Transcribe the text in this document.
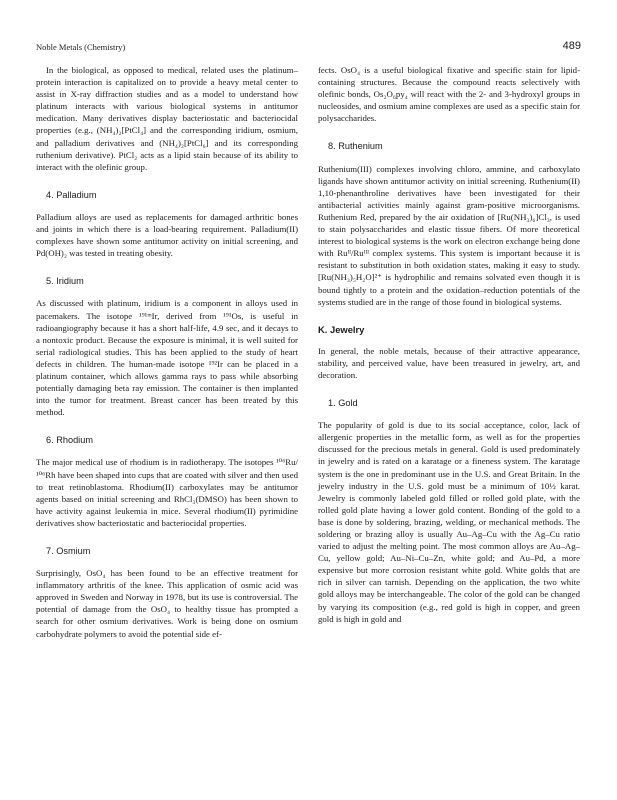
Noble Metals (Chemistry)	489

In the biological, as opposed to medical, related uses the platinum–protein interaction is capitalized on to provide a heavy metal center to assist in X-ray diffraction studies and as a model to understand how platinum interacts with various biological systems in antitumor medication. Many derivatives display bacteriostatic and bacteriocidal properties (e.g., (NH₄)₂[PtCl₄] and the corresponding iridium, osmium, and palladium derivatives and (NH₄)₂[PtCl₆] and its corresponding ruthenium derivative). PtCl₂ acts as a lipid stain because of its ability to interact with the olefinic group.

4. Palladium

Palladium alloys are used as replacements for damaged arthritic bones and joints in which there is a load-bearing requirement. Palladium(II) complexes have shown some antitumor activity on initial screening, and Pd(OH)₂ was tested in treating obesity.

5. Iridium

As discussed with platinum, iridium is a component in alloys used in pacemakers. The isotope ¹⁹¹ᵐIr, derived from ¹⁹¹Os, is useful in radioangiography because it has a short half-life, 4.9 sec, and it decays to a nontoxic product. Because the exposure is minimal, it is well suited for serial radiological studies. This has been applied to the study of heart defects in children. The human-made isotope ¹⁹²Ir can be placed in a platinum container, which allows gamma rays to pass while absorbing potentially damaging beta ray emission. The container is then implanted into the tumor for treatment. Breast cancer has been treated by this method.

6. Rhodium

The major medical use of rhodium is in radiotherapy. The isotopes ¹⁰⁶Ru/¹⁰⁶Rh have been shaped into cups that are coated with silver and then used to treat retinoblastoma. Rhodium(II) carboxylates may be antitumor agents based on initial screening and RhCl₃(DMSO) has been shown to have activity against leukemia in mice. Several rhodium(II) pyrimidine derivatives show bacteriostatic and bacteriocidal properties.

7. Osmium

Surprisingly, OsO₄ has been found to be an effective treatment for inflammatory arthritis of the knee. This application of osmic acid was approved in Sweden and Norway in 1978, but its use is controversial. The potential of damage from the OsO₄ to healthy tissue has prompted a search for other osmium derivatives. Work is being done on osmium carbohydrate polymers to avoid the potential side ef-

fects. OsO₄ is a useful biological fixative and specific stain for lipid-containing structures. Because the compound reacts selectively with olefinic bonds, Os₂O₆py₄ will react with the 2- and 3-hydroxyl groups in nucleosides, and osmium amine complexes are used as a specific stain for polysaccharides.

8. Ruthenium

Ruthenium(III) complexes involving chloro, ammine, and carboxylato ligands have shown antitumor activity on initial screening. Ruthenium(II) 1,10-phenanthroline derivatives have been investigated for their antibacterial activities mainly against gram-positive microorganisms. Ruthenium Red, prepared by the air oxidation of [Ru(NH₃)₆]Cl₃, is used to stain polysaccharides and elastic tissue fibers. Of more theoretical interest to biological systems is the work on electron exchange being done with Ruᴵᴵ/Ruᴵᴵᴵ complex systems. This system is important because it is resistant to substitution in both oxidation states, making it easy to study. [Ru(NH₃)₅H₂O]²⁺ is hydrophilic and remains solvated even though it is bound tightly to a protein and the oxidation–reduction potentials of the systems studied are in the range of those found in biological systems.

K. Jewelry

In general, the noble metals, because of their attractive appearance, stability, and perceived value, have been treasured in jewelry, art, and decoration.

1. Gold

The popularity of gold is due to its social acceptance, color, lack of allergenic properties in the metallic form, as well as for the properties discussed for the precious metals in general. Gold is used predominately in jewelry and is rated on a karatage or a fineness system. The karatage system is the one in predominant use in the U.S. and Great Britain. In the jewelry industry in the U.S. gold must be a minimum of 10½ karat. Jewelry is commonly labeled gold filled or rolled gold plate, with the rolled gold plate having a lower gold content. Bonding of the gold to a base is done by soldering, brazing, welding, or mechanical methods. The soldering or brazing alloy is usually Au–Ag–Cu with the Ag–Cu ratio varied to adjust the melting point. The most common alloys are Au–Ag–Cu, yellow gold; Au–Ni–Cu–Zn, white gold; and Au–Pd, a more expensive but more corrosion resistant white gold. White golds that are rich in silver can tarnish. Depending on the application, the two white gold alloys may be interchangeable. The color of the gold can be changed by varying its composition (e.g., red gold is high in copper, and green gold is high in gold and
